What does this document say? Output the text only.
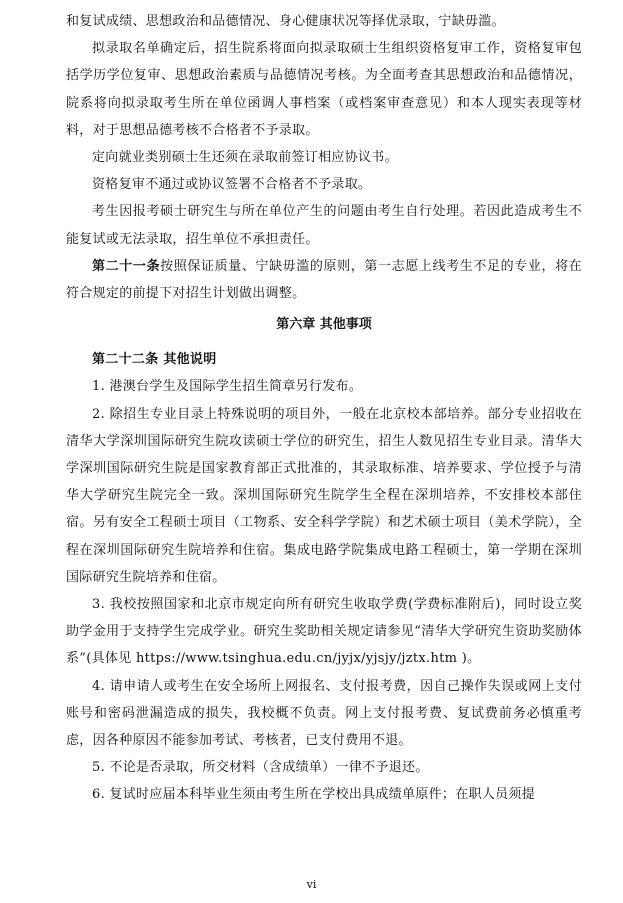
和复试成绩、思想政治和品德情况、身心健康状况等择优录取，宁缺毋滥。

拟录取名单确定后，招生院系将面向拟录取硕士生组织资格复审工作，资格复审包括学历学位复审、思想政治素质与品德情况考核。为全面考查其思想政治和品德情况，院系将向拟录取考生所在单位函调人事档案（或档案审查意见）和本人现实表现等材料，对于思想品德考核不合格者不予录取。

定向就业类别硕士生还须在录取前签订相应协议书。

资格复审不通过或协议签署不合格者不予录取。

考生因报考硕士研究生与所在单位产生的问题由考生自行处理。若因此造成考生不能复试或无法录取，招生单位不承担责任。

第二十一条按照保证质量、宁缺毋滥的原则，第一志愿上线考生不足的专业，将在符合规定的前提下对招生计划做出调整。

第六章 其他事项

第二十二条 其他说明

1. 港澳台学生及国际学生招生简章另行发布。

2. 除招生专业目录上特殊说明的项目外，一般在北京校本部培养。部分专业招收在清华大学深圳国际研究生院攻读硕士学位的研究生，招生人数见招生专业目录。清华大学深圳国际研究生院是国家教育部正式批准的，其录取标准、培养要求、学位授予与清华大学研究生院完全一致。深圳国际研究生院学生全程在深圳培养，不安排校本部住宿。另有安全工程硕士项目（工物系、安全科学学院）和艺术硕士项目（美术学院），全程在深圳国际研究生院培养和住宿。集成电路学院集成电路工程硕士，第一学期在深圳国际研究生院培养和住宿。

3. 我校按照国家和北京市规定向所有研究生收取学费(学费标准附后)，同时设立奖助学金用于支持学生完成学业。研究生奖助相关规定请参见“清华大学研究生资助奖励体系”(具体见 https://www.tsinghua.edu.cn/jyjx/yjsjy/jztx.htm )。

4. 请申请人或考生在安全场所上网报名、支付报考费，因自己操作失误或网上支付账号和密码泄漏造成的损失，我校概不负责。网上支付报考费、复试费前务必慎重考虑，因各种原因不能参加考试、考核者，已支付费用不退。

5. 不论是否录取，所交材料（含成绩单）一律不予退还。

6. 复试时应届本科毕业生须由考生所在学校出具成绩单原件；在职人员须提

vi
